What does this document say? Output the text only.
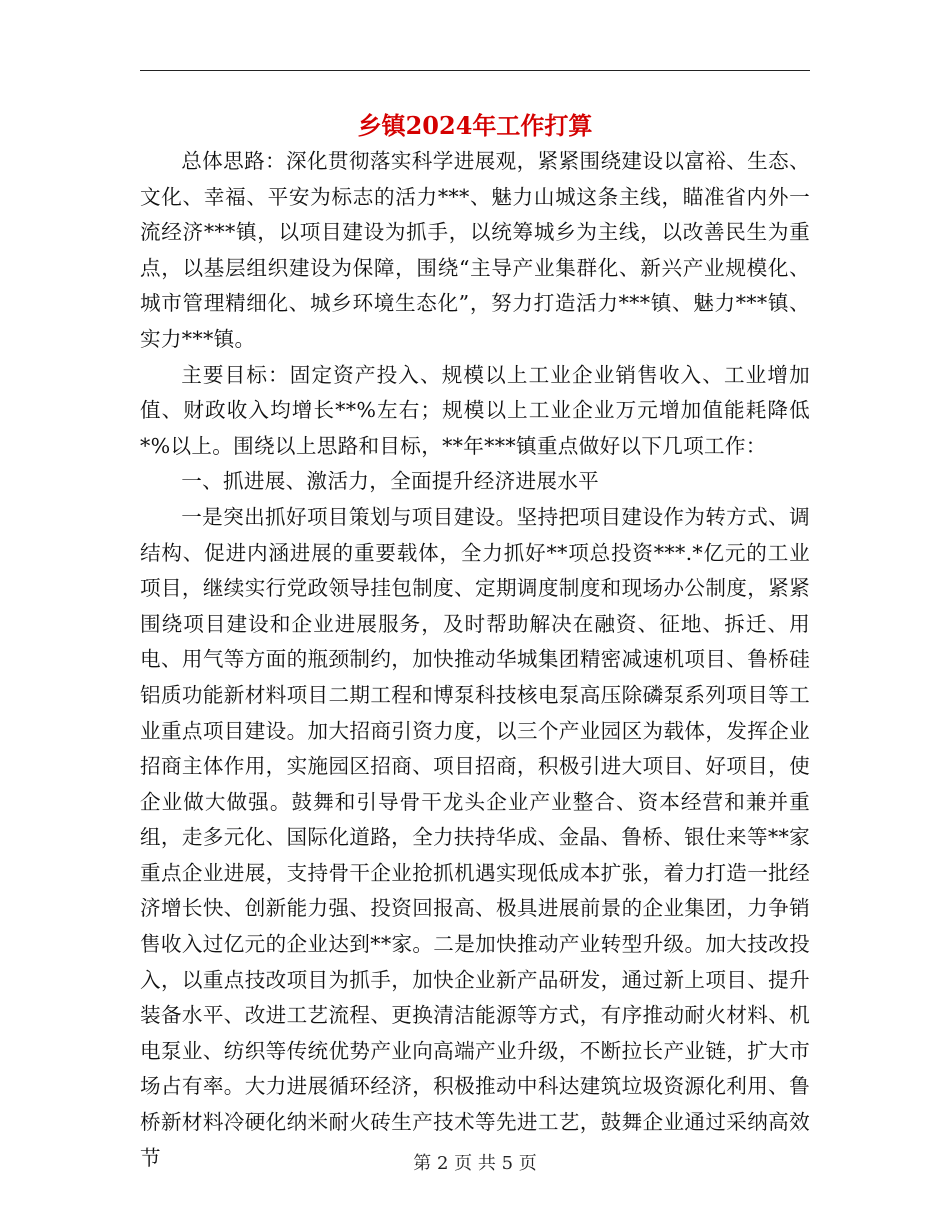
乡镇2024年工作打算

总体思路：深化贯彻落实科学进展观，紧紧围绕建设以富裕、生态、文化、幸福、平安为标志的活力***、魅力山城这条主线，瞄准省内外一流经济***镇，以项目建设为抓手，以统筹城乡为主线，以改善民生为重点，以基层组织建设为保障，围绕“主导产业集群化、新兴产业规模化、城市管理精细化、城乡环境生态化”，努力打造活力***镇、魅力***镇、实力***镇。

主要目标：固定资产投入、规模以上工业企业销售收入、工业增加值、财政收入均增长**%左右；规模以上工业企业万元增加值能耗降低*%以上。围绕以上思路和目标，**年***镇重点做好以下几项工作：

一、抓进展、激活力，全面提升经济进展水平

一是突出抓好项目策划与项目建设。坚持把项目建设作为转方式、调结构、促进内涵进展的重要载体，全力抓好**项总投资***.*亿元的工业项目，继续实行党政领导挂包制度、定期调度制度和现场办公制度，紧紧围绕项目建设和企业进展服务，及时帮助解决在融资、征地、拆迁、用电、用气等方面的瓶颈制约，加快推动华城集团精密减速机项目、鲁桥硅铝质功能新材料项目二期工程和博泵科技核电泵高压除磷泵系列项目等工业重点项目建设。加大招商引资力度，以三个产业园区为载体，发挥企业招商主体作用，实施园区招商、项目招商，积极引进大项目、好项目，使企业做大做强。鼓舞和引导骨干龙头企业产业整合、资本经营和兼并重组，走多元化、国际化道路，全力扶持华成、金晶、鲁桥、银仕来等**家重点企业进展，支持骨干企业抢抓机遇实现低成本扩张，着力打造一批经济增长快、创新能力强、投资回报高、极具进展前景的企业集团，力争销售收入过亿元的企业达到**家。二是加快推动产业转型升级。加大技改投入，以重点技改项目为抓手，加快企业新产品研发，通过新上项目、提升装备水平、改进工艺流程、更换清洁能源等方式，有序推动耐火材料、机电泵业、纺织等传统优势产业向高端产业升级，不断拉长产业链，扩大市场占有率。大力进展循环经济，积极推动中科达建筑垃圾资源化利用、鲁桥新材料冷硬化纳米耐火砖生产技术等先进工艺，鼓舞企业通过采纳高效节	第 2 页 共 5 页
